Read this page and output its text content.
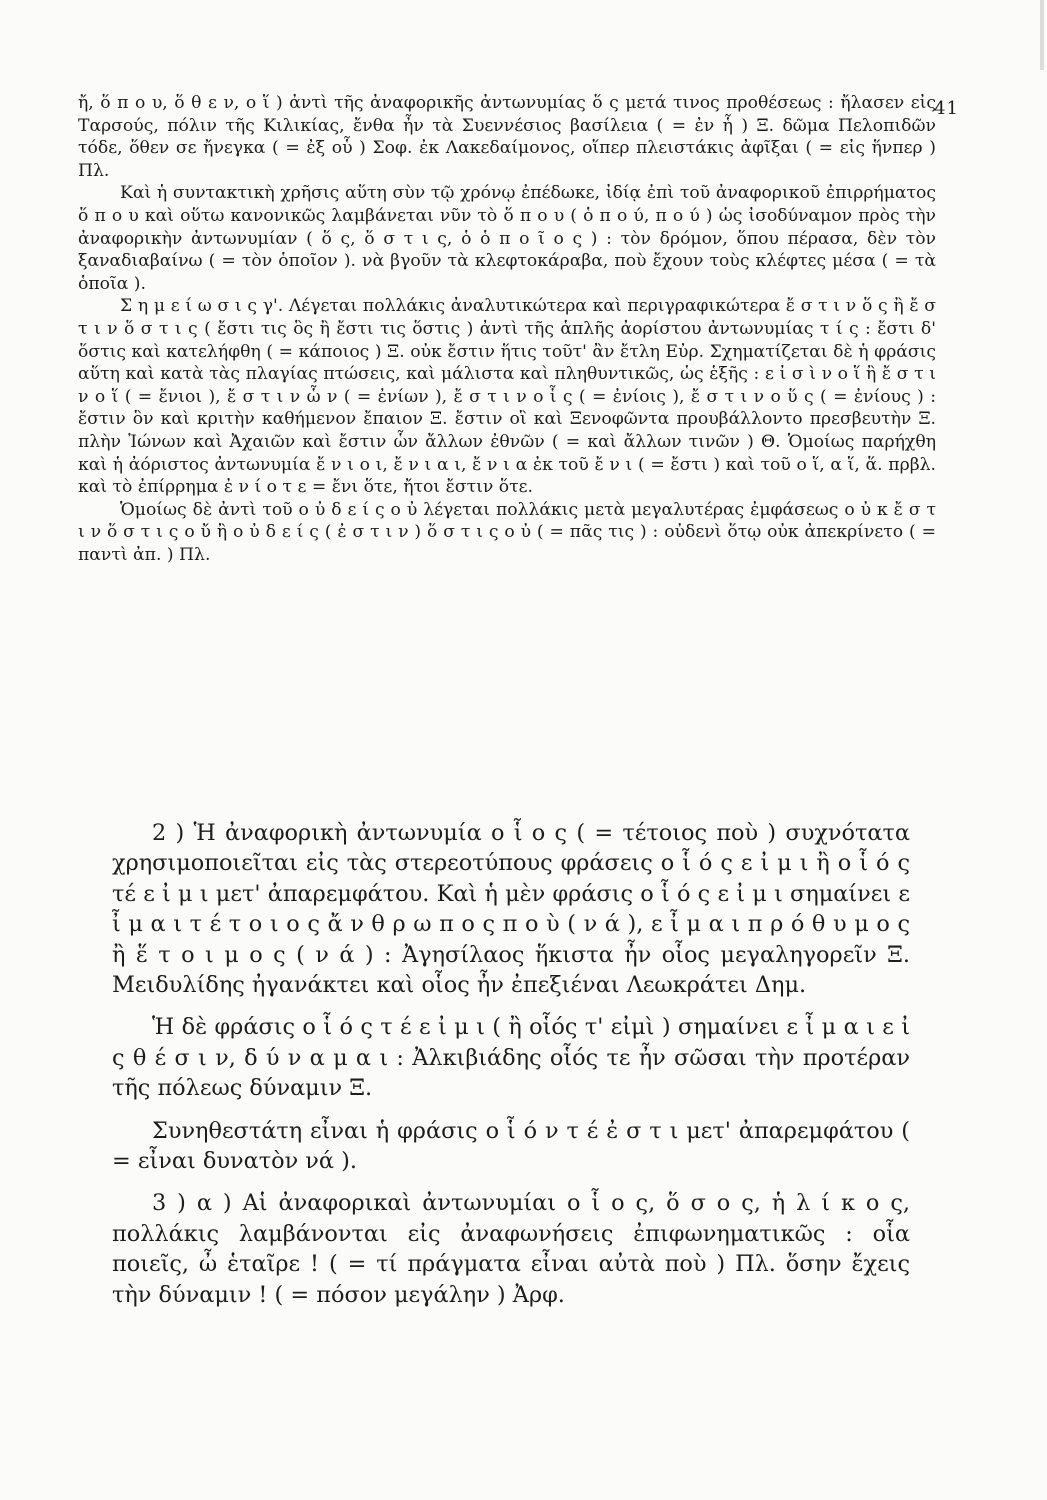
41

ἤ, ὅ π ο υ, ὅ θ ε ν, ο ἵ ) ἀντὶ τῆς ἀναφορικῆς ἀντωνυμίας ὅ ς μετά τινος προθέσεως : ἤλασεν εἰς Ταρσούς, πόλιν τῆς Κιλικίας, ἔνθα ἦν τὰ Συεννέσιος βασίλεια ( = ἐν ἧ ) Ξ. δῶμα Πελοπιδῶν τόδε, ὅθεν σε ἤνεγκα ( = ἐξ οὗ ) Σοφ. ἐκ Λακεδαίμονος, οἵπερ πλειστάκις ἀφῖξαι ( = εἰς ἥνπερ ) Πλ.

Καὶ ἡ συντακτικὴ χρῆσις αὕτη σὺν τῷ χρόνῳ ἐπέδωκε, ἰδίᾳ ἐπὶ τοῦ ἀναφορικοῦ ἐπιρρήματος ὅ π ο υ καὶ οὕτω κανονικῶς λαμβάνεται νῦν τὸ ὅ π ο υ ( ὁ π ο ύ, π ο ύ ) ὡς ἰσοδύναμον πρὸς τὴν ἀναφορικὴν ἀντωνυμίαν ( ὅ ς, ὅ σ τ ι ς, ὁ ὁ π ο ῖ ο ς ) : τὸν δρόμον, ὅπου πέρασα, δὲν τὸν ξαναδιαβαίνω ( = τὸν ὁποῖον ). νὰ βγοῦν τὰ κλεφτοκάραβα, ποὺ ἔχουν τοὺς κλέφτες μέσα ( = τὰ ὁποῖα ).

Σ η μ ε ί ω σ ι ς γ'. Λέγεται πολλάκις ἀναλυτικώτερα καὶ περιγραφικώτερα ἔ σ τ ι ν ὅ ς ἢ ἔ σ τ ι ν ὅ σ τ ι ς ( ἔστι τις ὃς ἢ ἔστι τις ὅστις ) ἀντὶ τῆς ἁπλῆς ἀορίστου ἀντωνυμίας τ ί ς : ἔστι δ' ὅστις καὶ κατελήφθη ( = κάποιος ) Ξ. οὐκ ἔστιν ἥτις τοῦτ' ἂν ἔτλη Εὐρ. Σχηματίζεται δὲ ἡ φράσις αὕτη καὶ κατὰ τὰς πλαγίας πτώσεις, καὶ μάλιστα καὶ πληθυντικῶς, ὡς ἑξῆς : ε ἰ σ ὶ ν ο ἵ ἢ ἔ σ τ ι ν ο ἵ ( = ἔνιοι ), ἔ σ τ ι ν ὧ ν ( = ἐνίων ), ἔ σ τ ι ν ο ἷ ς ( = ἐνίοις ), ἔ σ τ ι ν ο ὕ ς ( = ἐνίους ) : ἔστιν ὃν καὶ κριτὴν καθήμενον ἔπαιον Ξ. ἔστιν οἳ καὶ Ξενοφῶντα προυβάλλοντο πρεσβευτὴν Ξ. πλὴν Ἰώνων καὶ Ἀχαιῶν καὶ ἔστιν ὧν ἄλλων ἐθνῶν ( = καὶ ἄλλων τινῶν ) Θ. Ὁμοίως παρήχθη καὶ ἡ ἀόριστος ἀντωνυμία ἔ ν ι ο ι, ἔ ν ι α ι, ἔ ν ι α ἐκ τοῦ ἔ ν ι ( = ἔστι ) καὶ τοῦ ο ἵ, α ἵ, ἅ. πρβλ. καὶ τὸ ἐπίρρημα ἐ ν ί ο τ ε = ἔνι ὅτε, ἤτοι ἔστιν ὅτε.

Ὁμοίως δὲ ἀντὶ τοῦ ο ὐ δ ε ί ς ο ὐ λέγεται πολλάκις μετὰ μεγαλυτέρας ἐμφάσεως ο ὐ κ ἔ σ τ ι ν ὅ σ τ ι ς ο ὔ ἢ ο ὐ δ ε ί ς ( ἐ σ τ ι ν ) ὅ σ τ ι ς ο ὐ ( = πᾶς τις ) : οὐδενὶ ὅτῳ οὐκ ἀπεκρίνετο ( = παντὶ ἀπ. ) Πλ.

2 ) Ἡ ἀναφορικὴ ἀντωνυμία ο ἷ ο ς ( = τέτοιος ποὺ ) συχνότατα χρησιμοποιεῖται εἰς τὰς στερεοτύπους φράσεις ο ἷ ό ς ε ἰ μ ι ἢ ο ἷ ό ς τέ ε ἰ μ ι μετ' ἀπαρεμφάτου. Καὶ ἡ μὲν φράσις ο ἷ ό ς ε ἰ μ ι σημαίνει ε ἶ μ α ι τ έ τ ο ι ο ς ἄ ν θ ρ ω π ο ς π ο ὺ ( ν ά ), ε ἶ μ α ι π ρ ό θ υ μ ο ς ἢ ἕ τ ο ι μ ο ς ( ν ά ) : Ἀγησίλαος ἥκιστα ἦν οἷος μεγαληγορεῖν Ξ. Μειδυλίδης ἠγανάκτει καὶ οἷος ἦν ἐπεξιέναι Λεωκράτει Δημ.

Ἡ δὲ φράσις ο ἷ ό ς τ έ ε ἰ μ ι ( ἢ οἷός τ' εἰμὶ ) σημαίνει ε ἶ μ α ι ε ἰ ς θ έ σ ι ν, δ ύ ν α μ α ι : Ἀλκιβιάδης οἷός τε ἦν σῶσαι τὴν προτέραν τῆς πόλεως δύναμιν Ξ.

Συνηθεστάτη εἶναι ἡ φράσις ο ἷ ό ν τ έ ἐ σ τ ι μετ' ἀπαρεμφάτου ( = εἶναι δυνατὸν νά ).

3 ) α ) Αἱ ἀναφορικαὶ ἀντωνυμίαι ο ἷ ο ς, ὅ σ ο ς, ἡ λ ί κ ο ς, πολλάκις λαμβάνονται εἰς ἀναφωνήσεις ἐπιφωνηματικῶς : οἷα ποιεῖς, ὦ ἑταῖρε ! ( = τί πράγματα εἶναι αὐτὰ ποὺ ) Πλ. ὅσην ἔχεις τὴν δύναμιν ! ( = πόσον μεγάλην ) Ἀρφ.
